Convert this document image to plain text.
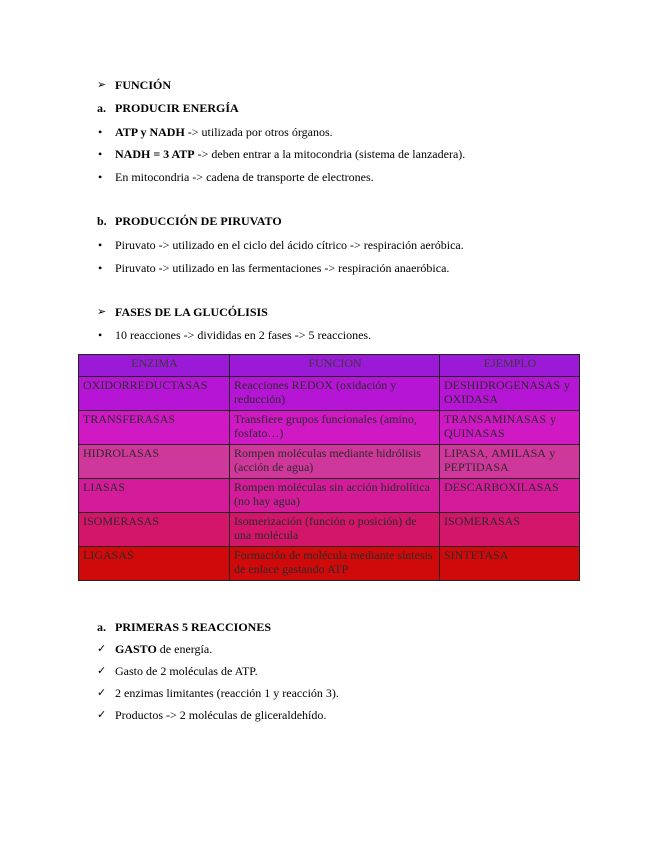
➢ FUNCIÓN
a. PRODUCIR ENERGÍA
• ATP y NADH -> utilizada por otros órganos.
• NADH = 3 ATP -> deben entrar a la mitocondria (sistema de lanzadera).
• En mitocondria -> cadena de transporte de electrones.
b. PRODUCCIÓN DE PIRUVATO
• Piruvato -> utilizado en el ciclo del ácido cítrico -> respiración aeróbica.
• Piruvato -> utilizado en las fermentaciones -> respiración anaeróbica.
➢ FASES DE LA GLUCÓLISIS
• 10 reacciones -> divididas en 2 fases -> 5 reacciones.
ENZIMA	FUNCION	EJEMPLO
OXIDORREDUCTASAS	Reacciones REDOX (oxidación y reducción)	DESHIDROGENASAS y OXIDASA
TRANSFERASAS	Transfiere grupos funcionales (amino, fosfato…)	TRANSAMINASAS y QUINASAS
HIDROLASAS	Rompen moléculas mediante hidrólisis (acción de agua)	LIPASA, AMILASA y PEPTIDASA
LIASAS	Rompen moléculas sin acción hidrolítica (no hay agua)	DESCARBOXILASAS
ISOMERASAS	Isomerización (función o posición) de una molécula	ISOMERASAS
LIGASAS	Formación de molécula mediante síntesis de enlace gastando ATP	SINTETASA
a. PRIMERAS 5 REACCIONES
✓ GASTO de energía.
✓ Gasto de 2 moléculas de ATP.
✓ 2 enzimas limitantes (reacción 1 y reacción 3).
✓ Productos -> 2 moléculas de gliceraldehído.
